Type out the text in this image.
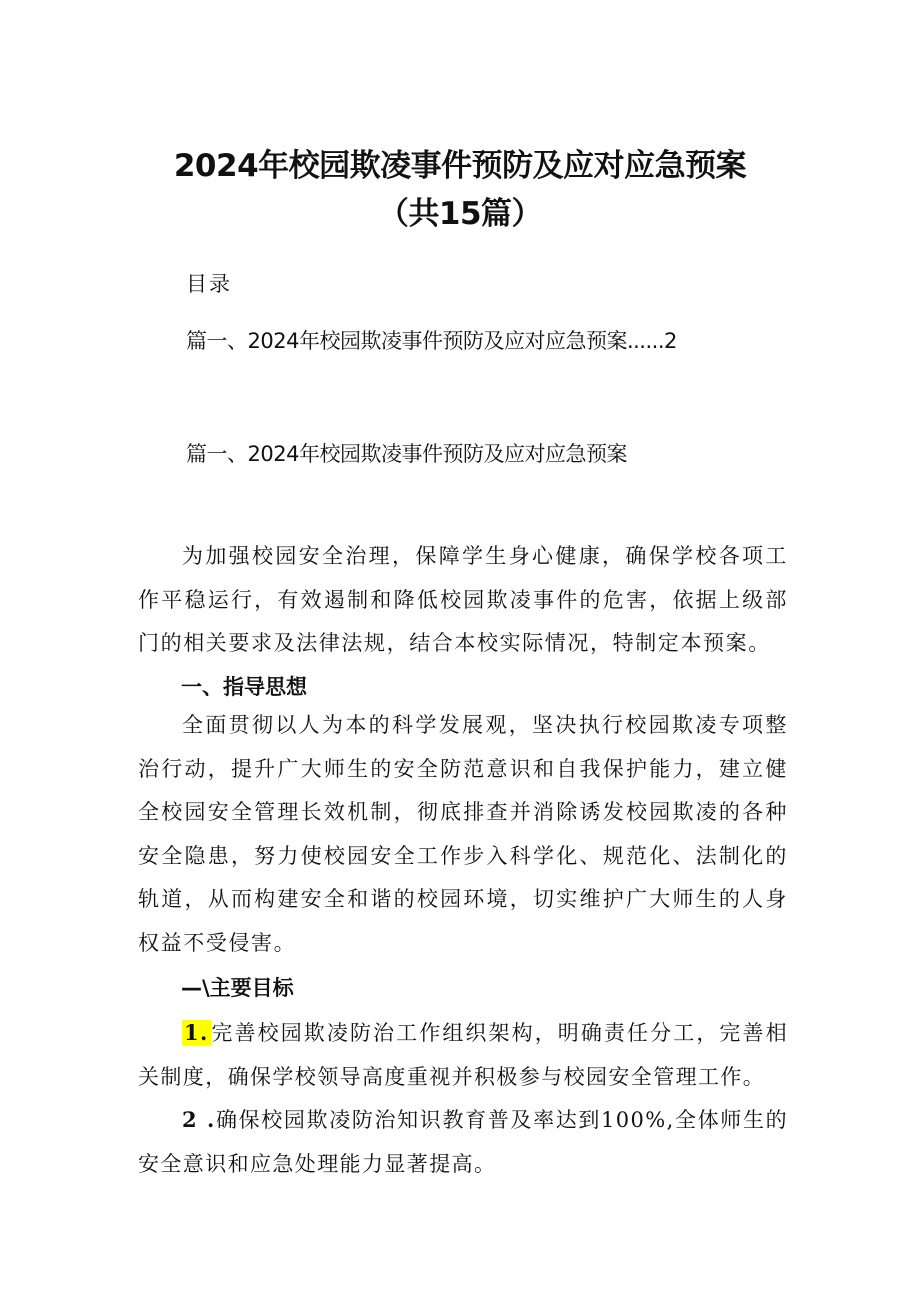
2024年校园欺凌事件预防及应对应急预案
（共15篇）
目录
篇一、2024年校园欺凌事件预防及应对应急预案......2
篇一、2024年校园欺凌事件预防及应对应急预案

为加强校园安全治理，保障学生身心健康，确保学校各项工作平稳运行，有效遏制和降低校园欺凌事件的危害，依据上级部门的相关要求及法律法规，结合本校实际情况，特制定本预案。

一、指导思想

全面贯彻以人为本的科学发展观，坚决执行校园欺凌专项整治行动，提升广大师生的安全防范意识和自我保护能力，建立健全校园安全管理长效机制，彻底排查并消除诱发校园欺凌的各种安全隐患，努力使校园安全工作步入科学化、规范化、法制化的轨道，从而构建安全和谐的校园环境，切实维护广大师生的人身权益不受侵害。

—\主要目标

1.完善校园欺凌防治工作组织架构，明确责任分工，完善相关制度，确保学校领导高度重视并积极参与校园安全管理工作。

2 .确保校园欺凌防治知识教育普及率达到100%,全体师生的安全意识和应急处理能力显著提高。
